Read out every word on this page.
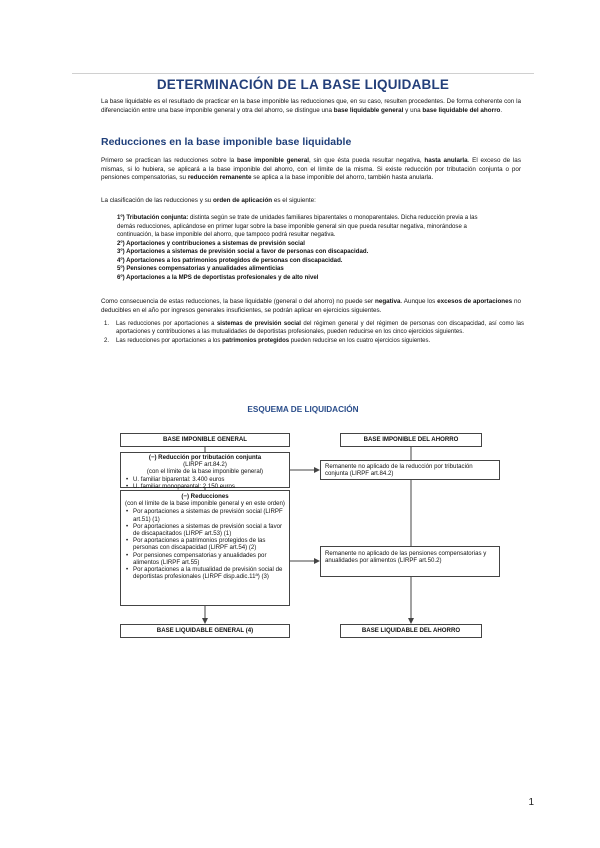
DETERMINACIÓN DE LA BASE LIQUIDABLE

La base liquidable es el resultado de practicar en la base imponible las reducciones que, en su caso, resulten procedentes. De forma coherente con la diferenciación entre una base imponible general y otra del ahorro, se distingue una base liquidable general y una base liquidable del ahorro.

Reducciones en la base imponible base liquidable

Primero se practican las reducciones sobre la base imponible general, sin que ésta pueda resultar negativa, hasta anularla. El exceso de las mismas, si lo hubiera, se aplicará a la base imponible del ahorro, con el límite de la misma. Si existe reducción por tributación conjunta o por pensiones compensatorias, su reducción remanente se aplica a la base imponible del ahorro, también hasta anularla.

La clasificación de las reducciones y su orden de aplicación es el siguiente:

1º) Tributación conjunta: distinta según se trate de unidades familiares biparentales o monoparentales. Dicha reducción previa a las
demás reducciones, aplicándose en primer lugar sobre la base imponible general sin que pueda resultar negativa, minorándose a
continuación, la base imponible del ahorro, que tampoco podrá resultar negativa.
2º) Aportaciones y contribuciones a sistemas de previsión social
3º) Aportaciones a sistemas de previsión social a favor de personas con discapacidad.
4º) Aportaciones a los patrimonios protegidos de personas con discapacidad.
5º) Pensiones compensatorias y anualidades alimenticias
6º) Aportaciones a la MPS de deportistas profesionales y de alto nivel

Como consecuencia de estas reducciones, la base liquidable (general o del ahorro) no puede ser negativa. Aunque los excesos de aportaciones no deducibles en el año por ingresos generales insuficientes, se podrán aplicar en ejercicios siguientes.

1. Las reducciones por aportaciones a sistemas de previsión social del régimen general y del régimen de personas con discapacidad, así como las aportaciones y contribuciones a las mutualidades de deportistas profesionales, pueden reducirse en los cinco ejercicios siguientes.
2. Las reducciones por aportaciones a los patrimonios protegidos pueden reducirse en los cuatro ejercicios siguientes.
ESQUEMA DE LIQUIDACIÓN
BASE IMPONIBLE GENERAL	BASE IMPONIBLE DEL AHORRO
(−) Reducción por tributación conjunta
(LIRPF art.84.2)
(con el límite de la base imponible general)
• U. familiar biparental: 3.400 euros
• U. familiar monoparental: 2.150 euros
Remanente no aplicado de la reducción por tributación conjunta (LIRPF art.84.2)
(−) Reducciones
(con el límite de la base imponible general y en este orden)
• Por aportaciones a sistemas de previsión social (LIRPF art.51) (1)
• Por aportaciones a sistemas de previsión social a favor de discapacitados (LIRPF art.53) (1)
• Por aportaciones a patrimonios protegidos de las personas con discapacidad (LIRPF art.54) (2)
• Por pensiones compensatorias y anualidades por alimentos (LIRPF art.55)
• Por aportaciones a la mutualidad de previsión social de deportistas profesionales (LIRPF disp.adic.11ª) (3)
Remanente no aplicado de las pensiones compensatorias y anualidades por alimentos (LIRPF art.50.2)
BASE LIQUIDABLE GENERAL (4)	BASE LIQUIDABLE DEL AHORRO
1
